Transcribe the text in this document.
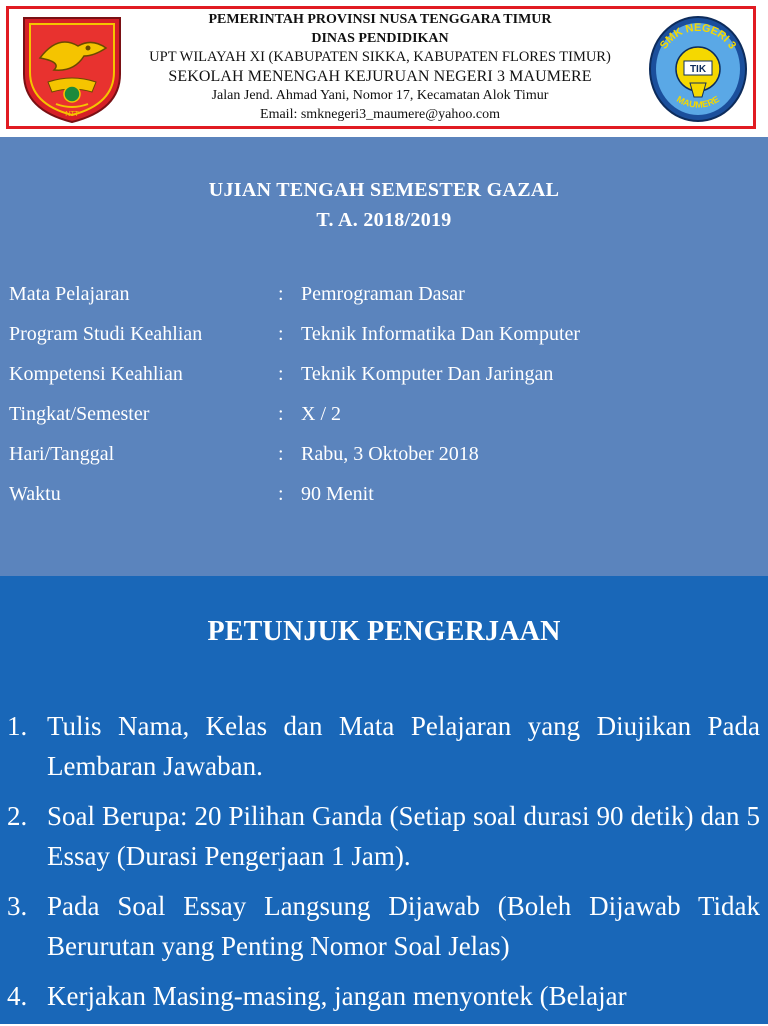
NTT
PEMERINTAH PROVINSI NUSA TENGGARA TIMUR
DINAS PENDIDIKAN
UPT WILAYAH XI (KABUPATEN SIKKA, KABUPATEN FLORES TIMUR)
SEKOLAH MENENGAH KEJURUAN NEGERI 3 MAUMERE
Jalan Jend. Ahmad Yani, Nomor 17, Kecamatan Alok Timur
Email: smknegeri3_maumere@yahoo.com
SMK NEGERI 3
TIK
MAUMERE
UJIAN TENGAH SEMESTER GAZAL
T. A. 2018/2019
Mata Pelajaran	: Pemrograman Dasar
Program Studi Keahlian	: Teknik Informatika Dan Komputer
Kompetensi Keahlian	: Teknik Komputer Dan Jaringan
Tingkat/Semester	: X / 2
Hari/Tanggal	: Rabu, 3 Oktober 2018
Waktu	: 90 Menit
PETUNJUK PENGERJAAN
1. Tulis Nama, Kelas dan Mata Pelajaran yang Diujikan Pada Lembaran Jawaban.
2. Soal Berupa: 20 Pilihan Ganda (Setiap soal durasi 90 detik) dan 5 Essay (Durasi Pengerjaan 1 Jam).
3. Pada Soal Essay Langsung Dijawab (Boleh Dijawab Tidak Berurutan yang Penting Nomor Soal Jelas)
4. Kerjakan Masing-masing, jangan menyontek (Belajar
